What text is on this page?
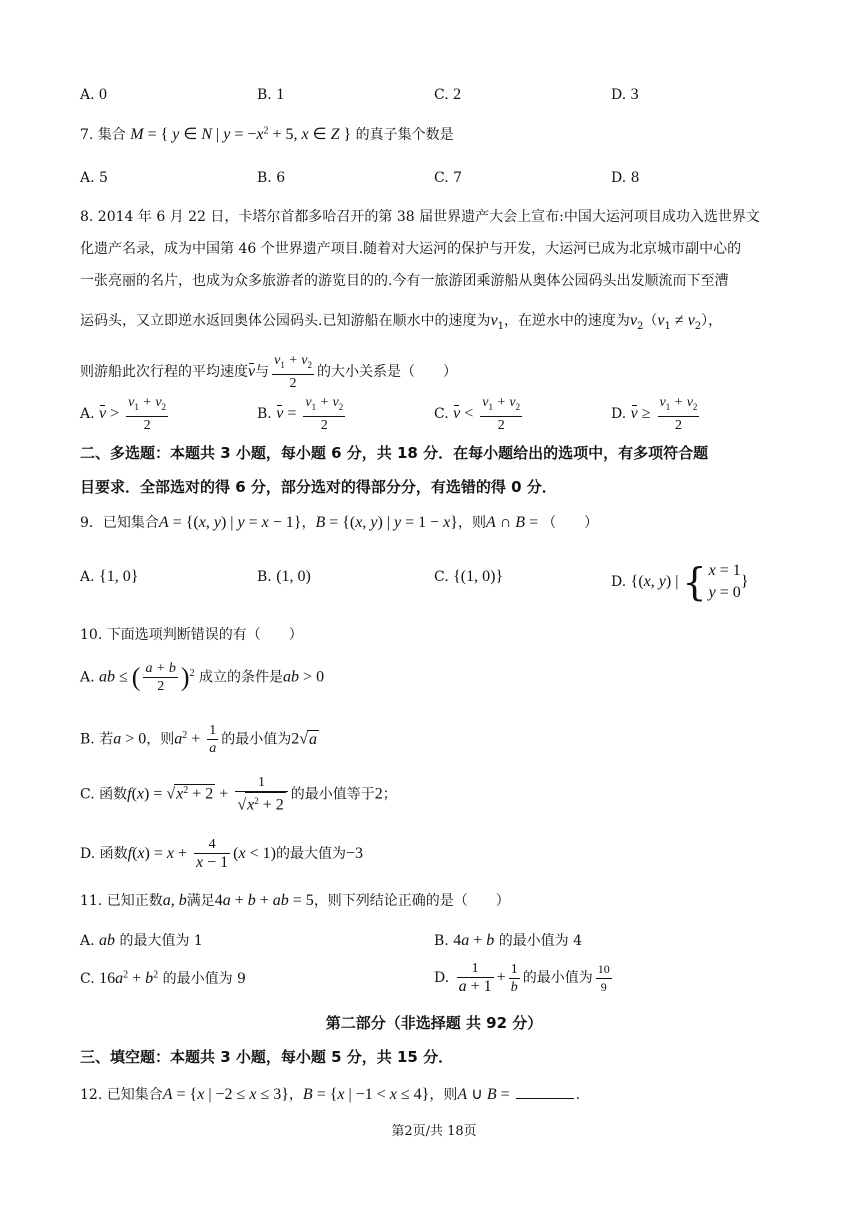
A. 0	B. 1	C. 2	D. 3
7. 集合 M = { y ∈ N | $y = -x^2 + 5$, x ∈ Z } 的真子集个数是
A. 5	B. 6	C. 7	D. 8
8. 2014 年 6 月 22 日，卡塔尔首都多哈召开的第 38 届世界遗产大会上宣布:中国大运河项目成功入选世界文
化遗产名录，成为中国第 46 个世界遗产项目.随着对大运河的保护与开发，大运河已成为北京城市副中心的
一张亮丽的名片，也成为众多旅游者的游览目的的.今有一旅游团乘游船从奥体公园码头出发顺流而下至漕
运码头，又立即逆水返回奥体公园码头.已知游船在顺水中的速度为$v_1$，在逆水中的速度为$v_2(v_1 \ne v_2)$，
则游船此次行程的平均速度v与 $\frac{v_1 + v_2}{2}$ 的大小关系是（　　）
A. $v > \frac{v_1 + v_2}{2}$	B. $v = \frac{v_1 + v_2}{2}$	C. $v < \frac{v_1 + v_2}{2}$	D. $v \ge \frac{v_1 + v_2}{2}$
二、多选题：本题共 3 小题，每小题 6 分，共 18 分．在每小题给出的选项中，有多项符合题
目要求．全部选对的得 6 分，部分选对的得部分分，有选错的得 0 分．
9．已知集合A = {(x, y) | y = x − 1}，B = {(x, y) | y = 1 − x}，则A ∩ B = （　　）
A. {1, 0}	B. (1, 0)	C. {(1, 0)}	D. {(x, y) | { x = 1
y = 0
}
10. 下面选项判断错误的有（　　）
A. ab ≤ ( $\frac{a + b}{2} )^2$ 成立的条件是ab > 0
B. 若a > 0，则$a^2 + \frac{1}{a}$ 的最小值为2√a
C. 函数$f(x) = √x^2 + 2 + \frac{1}{√x^2 + 2}$ 的最小值等于2；
D. 函数$f(x) = x + \frac{4}{x - 1} (x < 1)$的最大值为−3
11. 已知正数a, b满足4a + b + ab = 5，则下列结论正确的是（　　）
A. ab 的最大值为 1	B. 4a + b 的最小值为 4
C. $16a^2 + b^2$ 的最小值为 9	D. $\frac{1}{a + 1} + \frac{1}{b}$ 的最小值为 $\frac{10}{9}$
第二部分（非选择题 共 92 分）
三、填空题：本题共 3 小题，每小题 5 分，共 15 分．
12. 已知集合A = {x | −2 ≤ x ≤ 3}，B = {x | −1 < x ≤ 4}，则A ∪ B =	.
第2页/共 18页
